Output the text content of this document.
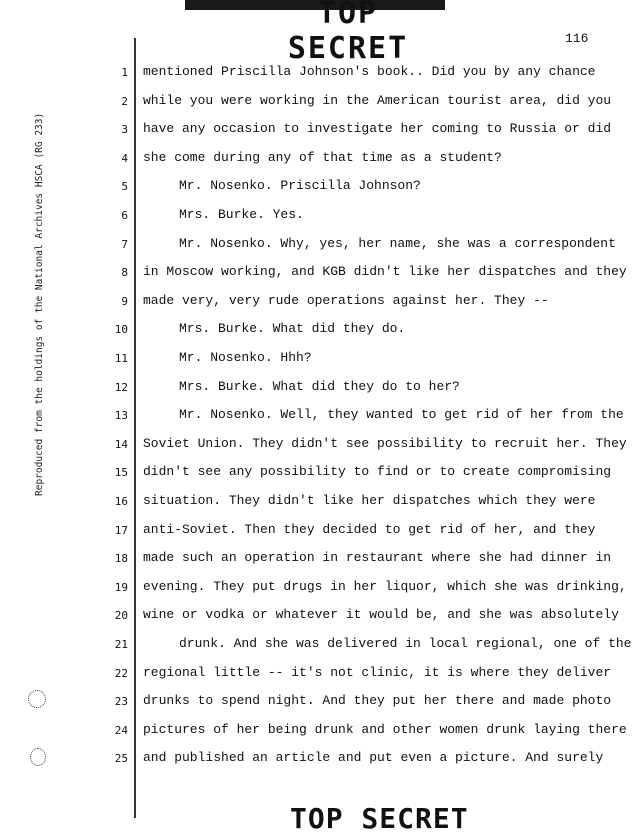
TOP SECRET	116
Reproduced from the holdings of the National Archives HSCA (RG 233)
1 mentioned Priscilla Johnson's book.. Did you by any chance
2 while you were working in the American tourist area, did you
3 have any occasion to investigate her coming to Russia or did
4 she come during any of that time as a student?
5	Mr. Nosenko. Priscilla Johnson?
6	Mrs. Burke. Yes.
7	Mr. Nosenko. Why, yes, her name, she was a correspondent
8 in Moscow working, and KGB didn't like her dispatches and they
9 made very, very rude operations against her. They --
10	Mrs. Burke. What did they do.
11	Mr. Nosenko. Hhh?
12	Mrs. Burke. What did they do to her?
13	Mr. Nosenko. Well, they wanted to get rid of her from the
14 Soviet Union. They didn't see possibility to recruit her. They
15 didn't see any possibility to find or to create compromising
16 situation. They didn't like her dispatches which they were
17 anti-Soviet. Then they decided to get rid of her, and they
18 made such an operation in restaurant where she had dinner in
19 evening. They put drugs in her liquor, which she was drinking,
20 wine or vodka or whatever it would be, and she was absolutely
21	drunk. And she was delivered in local regional, one of the
22 regional little -- it's not clinic, it is where they deliver
23 drunks to spend night. And they put her there and made photo
24 pictures of her being drunk and other women drunk laying there
25 and published an article and put even a picture. And surely
TOP SECRET
